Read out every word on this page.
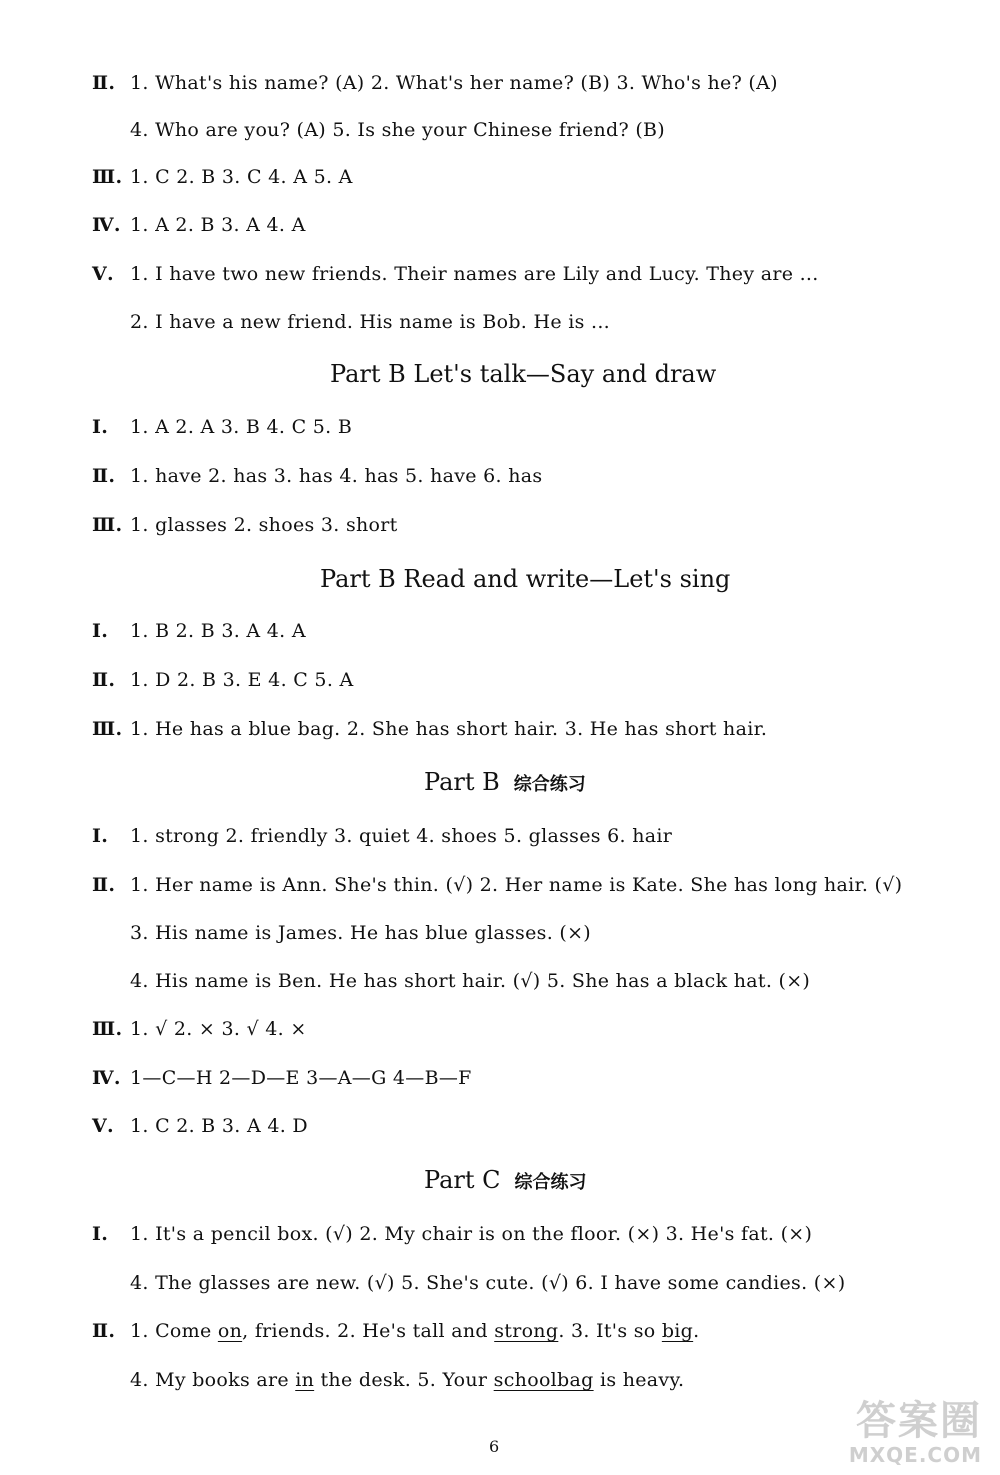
Ⅱ. 1. What's his name? (A) 2. What's her name? (B) 3. Who's he? (A)
4. Who are you? (A) 5. Is she your Chinese friend? (B)
Ⅲ. 1. C 2. B 3. C 4. A 5. A
Ⅳ. 1. A 2. B 3. A 4. A
Ⅴ. 1. I have two new friends. Their names are Lily and Lucy. They are ...
2. I have a new friend. His name is Bob. He is ...
Part B Let's talk—Say and draw
Ⅰ. 1. A 2. A 3. B 4. C 5. B
Ⅱ. 1. have 2. has 3. has 4. has 5. have 6. has
Ⅲ. 1. glasses 2. shoes 3. short
Part B Read and write—Let's sing
Ⅰ. 1. B 2. B 3. A 4. A
Ⅱ. 1. D 2. B 3. E 4. C 5. A
Ⅲ. 1. He has a blue bag. 2. She has short hair. 3. He has short hair.
Part B 综合练习
Ⅰ. 1. strong 2. friendly 3. quiet 4. shoes 5. glasses 6. hair
Ⅱ. 1. Her name is Ann. She's thin. (√) 2. Her name is Kate. She has long hair. (√)
3. His name is James. He has blue glasses. (×)
4. His name is Ben. He has short hair. (√) 5. She has a black hat. (×)
Ⅲ. 1. √ 2. × 3. √ 4. ×
Ⅳ. 1—C—H 2—D—E 3—A—G 4—B—F
Ⅴ. 1. C 2. B 3. A 4. D
Part C 综合练习
Ⅰ. 1. It's a pencil box. (√) 2. My chair is on the floor. (×) 3. He's fat. (×)
4. The glasses are new. (√) 5. She's cute. (√) 6. I have some candies. (×)
Ⅱ. 1. Come on, friends. 2. He's tall and strong. 3. It's so big.
4. My books are in the desk. 5. Your schoolbag is heavy.
6
答案圈
MXQE.COM
